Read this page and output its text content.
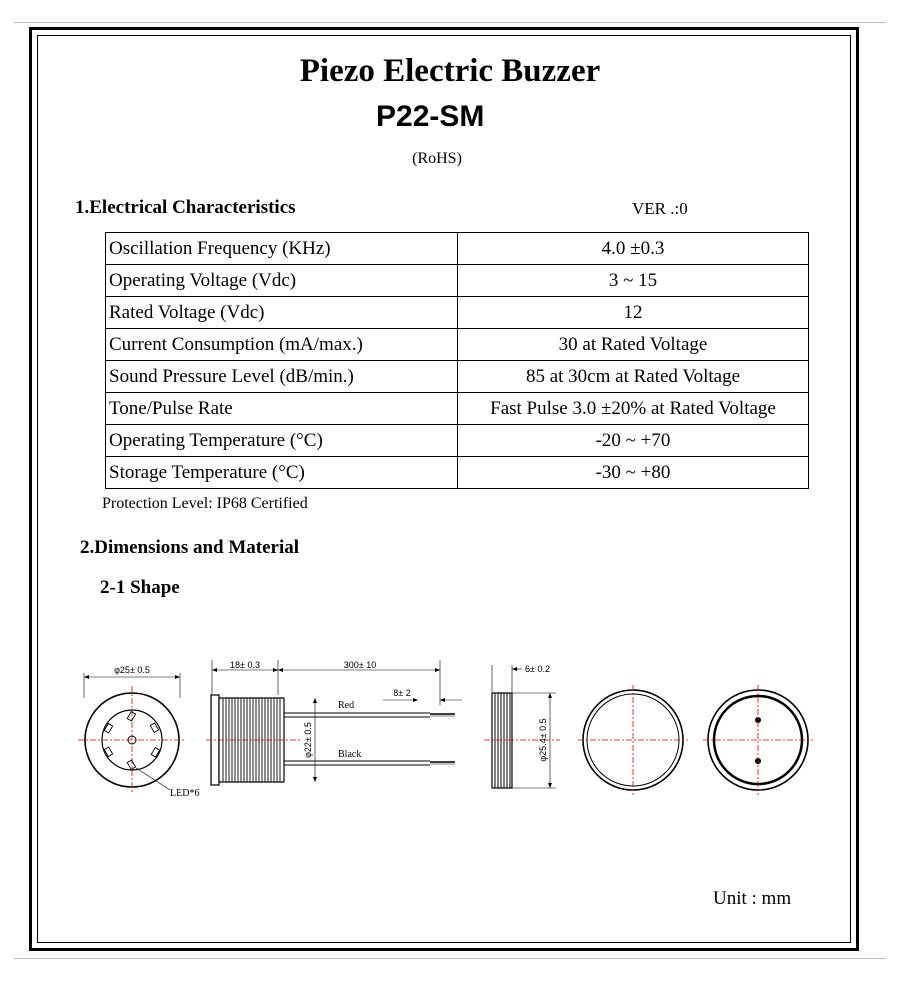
Piezo Electric Buzzer
P22-SM
(RoHS)
1.Electrical Characteristics	VER .:0
Oscillation Frequency (KHz)	4.0 ±0.3
Operating Voltage (Vdc)	3 ~ 15
Rated Voltage (Vdc)	12
Current Consumption (mA/max.)	30 at Rated Voltage
Sound Pressure Level (dB/min.)	85 at 30cm at Rated Voltage
Tone/Pulse Rate	Fast Pulse 3.0 ±20% at Rated Voltage
Operating Temperature (°C)	-20 ~ +70
Storage Temperature (°C)	-30 ~ +80
Protection Level: IP68 Certified
2.Dimensions and Material
2-1 Shape
φ25± 0.5
LED*6
18± 0.3	300± 10
8± 2
φ22± 0.5
Red
Black
6± 0.2
φ25.4± 0.5
Unit : mm
